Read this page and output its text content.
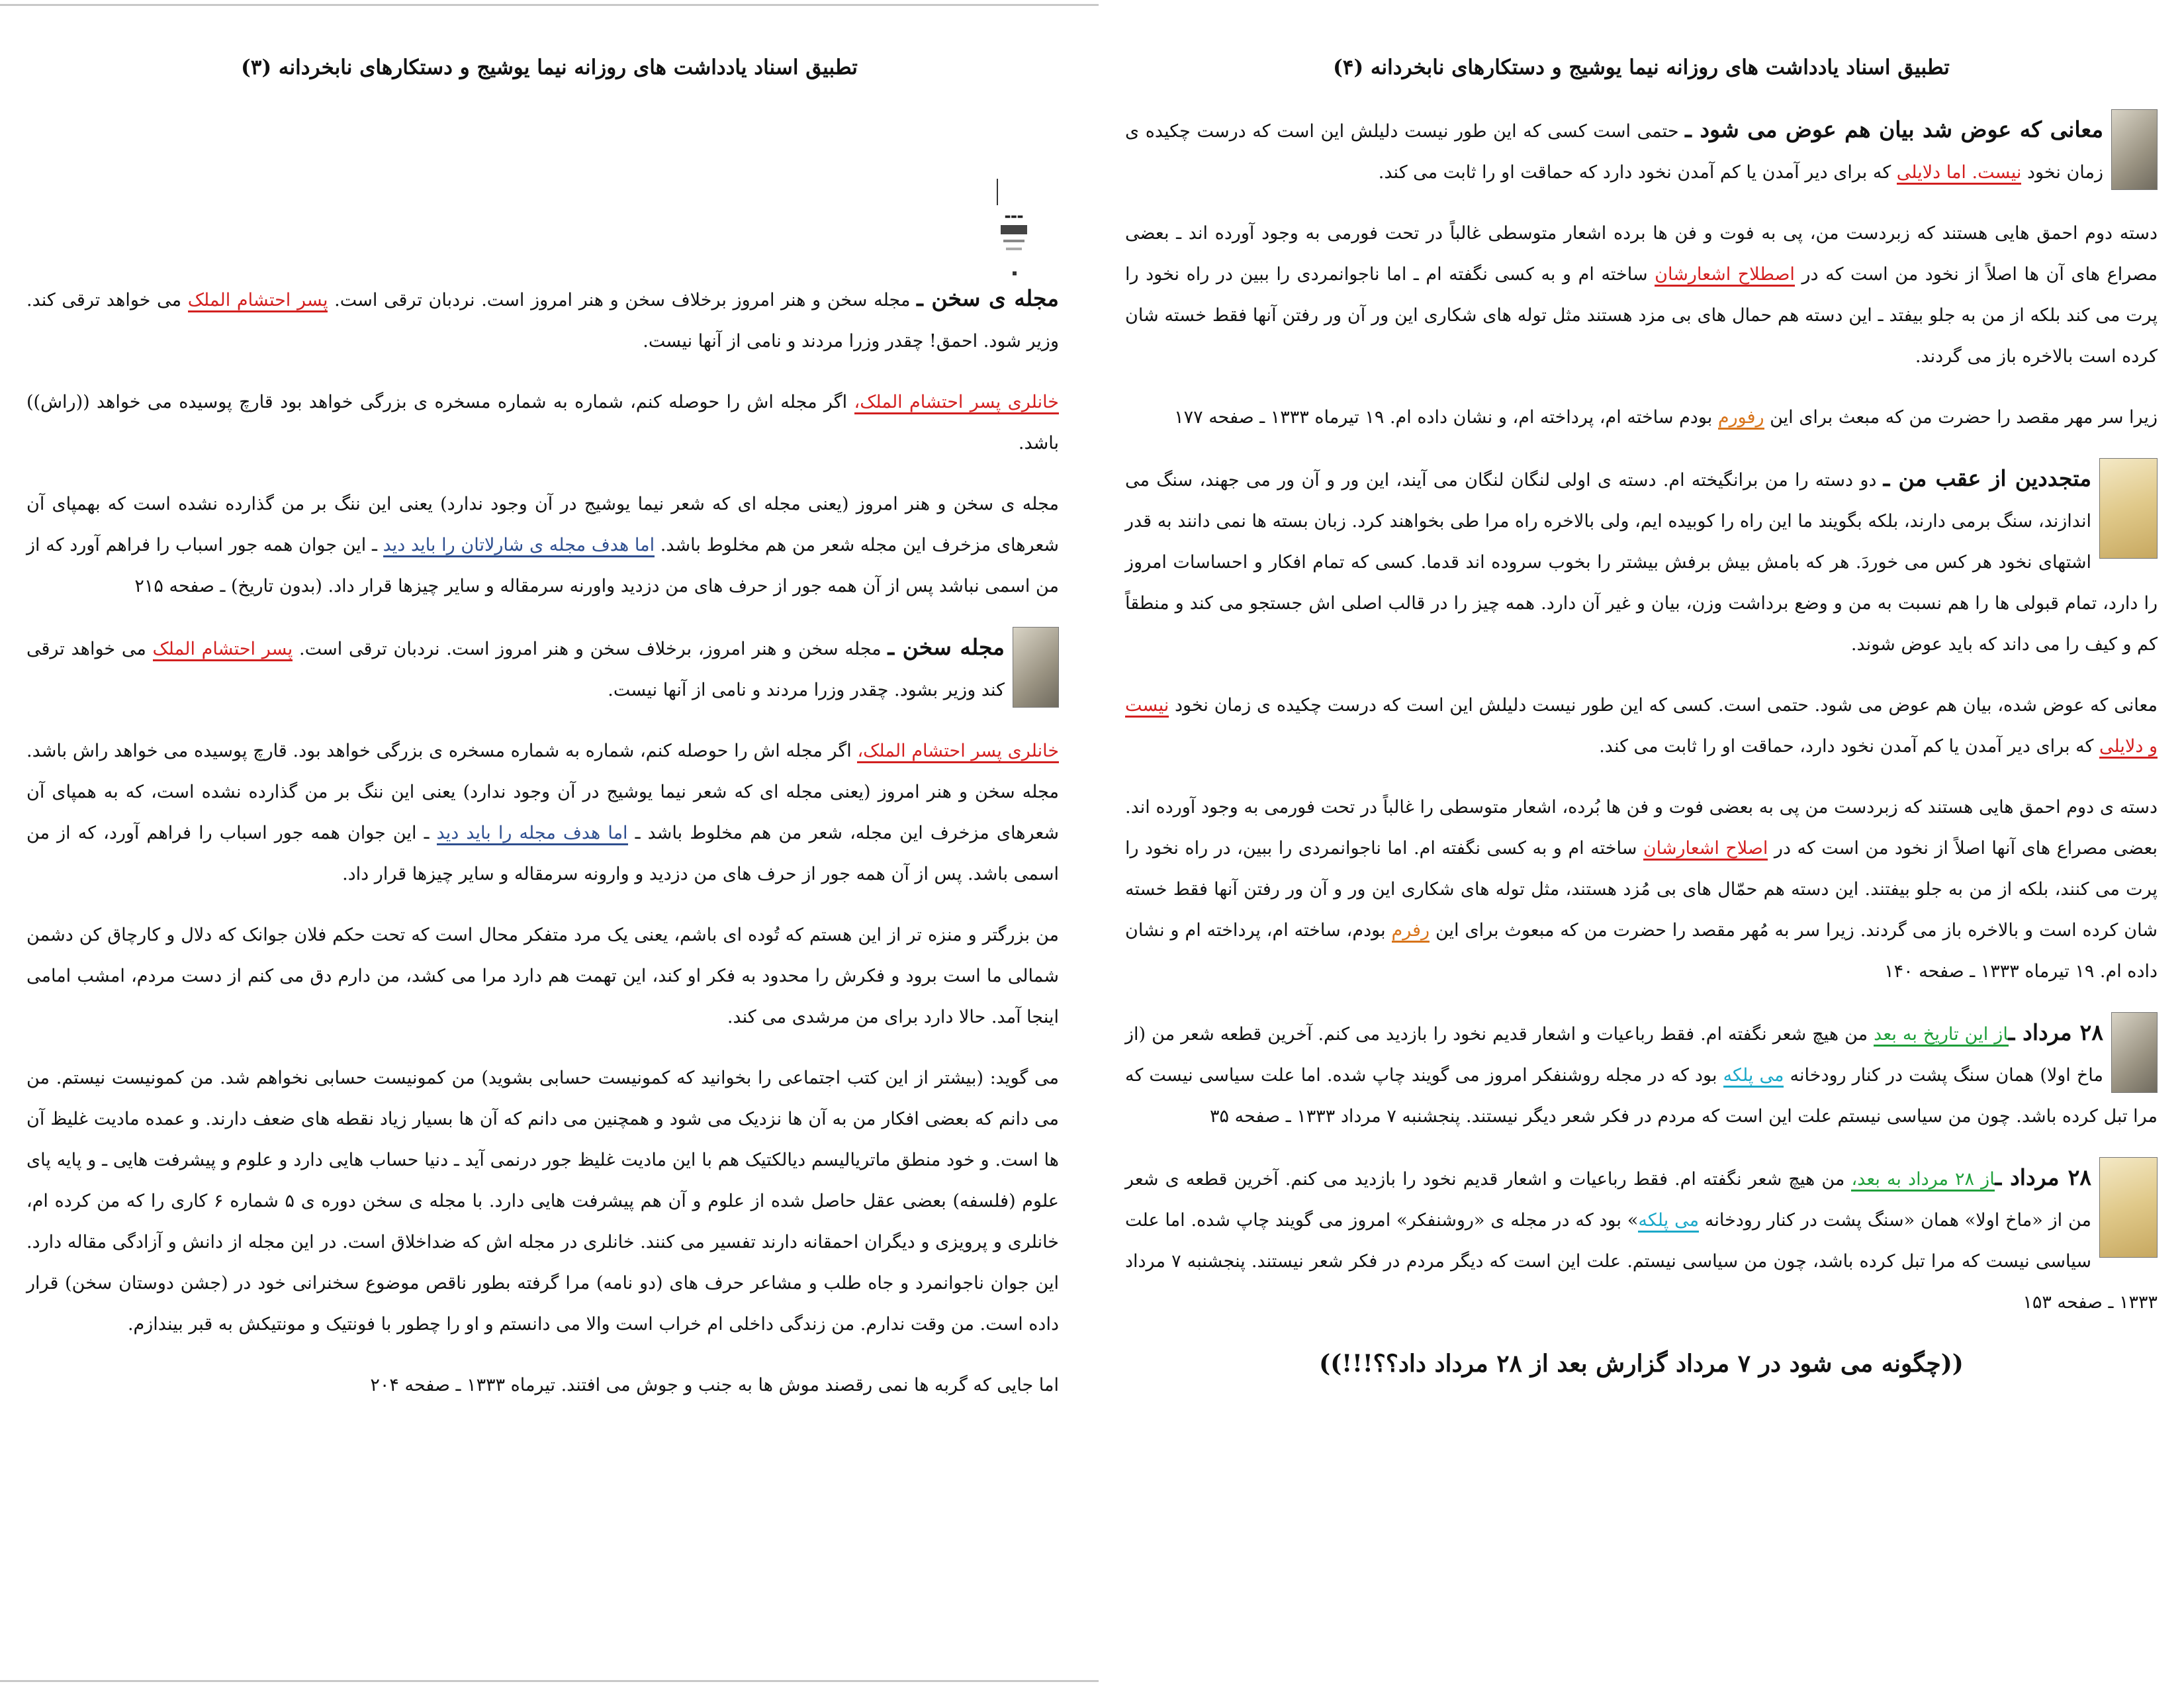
تطبیق اسناد یادداشت های روزانه نیما یوشیج و دستکارهای نابخردانه (۳)
▬▬▬

مجله ی سخن ـ مجله سخن و هنر امروز برخلاف سخن و هنر امروز است. نردبان ترقی است. پسر احتشام الملک می خواهد ترقی کند. وزیر شود. احمق! چقدر وزرا مردند و نامی از آنها نیست.

خانلری پسر احتشام الملک، اگر مجله اش را حوصله کنم، شماره به شماره مسخره ی بزرگی خواهد بود قارچ پوسیده می خواهد ((راش)) باشد.

مجله ی سخن و هنر امروز (یعنی مجله ای که شعر نیما یوشیج در آن وجود ندارد) یعنی این ننگ بر من گذارده نشده است که بهمپای آن شعرهای مزخرف این مجله شعر من هم مخلوط باشد. اما هدف مجله ی شارلاتان را باید دید ـ این جوان همه جور اسباب را فراهم آورد که از من اسمی نباشد پس از آن همه جور از حرف های من دزدید واورنه سرمقاله و سایر چیزها قرار داد. (بدون تاریخ) ـ صفحه ۲۱۵

مجله سخن ـ مجله سخن و هنر امروز، برخلاف سخن و هنر امروز است. نردبان ترقی است. پسر احتشام الملک می خواهد ترقی کند وزیر بشود. چقدر وزرا مردند و نامی از آنها نیست.

خانلری پسر احتشام الملک، اگر مجله اش را حوصله کنم، شماره به شماره مسخره ی بزرگی خواهد بود. قارچ پوسیده می خواهد راش باشد. مجله سخن و هنر امروز (یعنی مجله ای که شعر نیما یوشیج در آن وجود ندارد) یعنی این ننگ بر من گذارده نشده است، که به همپای آن شعرهای مزخرف این مجله، شعر من هم مخلوط باشد ـ اما هدف مجله را باید دید ـ این جوان همه جور اسباب را فراهم آورد، که از من اسمی باشد. پس از آن همه جور از حرف های من دزدید و وارونه سرمقاله و سایر چیزها قرار داد.

من بزرگتر و منزه تر از این هستم که تُوده ای باشم، یعنی یک مرد متفکر محال است که تحت حکم فلان جوانک که دلال و کارچاق کن دشمن شمالی ما است برود و فکرش را محدود به فکر او کند، این تهمت هم دارد مرا می کشد، من دارم دق می کنم از دست مردم، امشب امامی اینجا آمد. حالا دارد برای من مرشدی می کند.

می گوید: (بیشتر از این کتب اجتماعی را بخوانید که کمونیست حسابی بشوید) من کمونیست حسابی نخواهم شد. من کمونیست نیستم. من می دانم که بعضی افکار من به آن ها نزدیک می شود و همچنین می دانم که آن ها بسیار زیاد نقطه های ضعف دارند. و عمده مادیت غلیظ آن ها است. و خود منطق ماتریالیسم دیالکتیک هم با این مادیت غلیظ جور درنمی آید ـ دنیا حساب هایی دارد و علوم و پیشرفت هایی ـ و پایه پای علوم (فلسفه) بعضی عقل حاصل شده از علوم و آن هم پیشرفت هایی دارد. با مجله ی سخن دوره ی ۵ شماره ۶ کاری را که من کرده ام، خانلری و پرویزی و دیگران احمقانه دارند تفسیر می کنند. خانلری در مجله اش که ضداخلاق است. در این مجله از دانش و آزادگی مقاله دارد. این جوان ناجوانمرد و جاه طلب و مشاعر حرف های (دو نامه) مرا گرفته بطور ناقص موضوع سخنرانی خود در (جشن دوستان سخن) قرار داده است. من وقت ندارم. من زندگی داخلی ام خراب است والا می دانستم و او را چطور با فونتیک و مونتیکش به قبر بیندازم.

اما جایی که گربه ها نمی رقصند موش ها به جنب و جوش می افتند. تیرماه ۱۳۳۳ ـ صفحه ۲۰۴

تطبیق اسناد یادداشت های روزانه نیما یوشیج و دستکارهای نابخردانه (۴)

معانی که عوض شد بیان هم عوض می شود ـ حتمی است کسی که این طور نیست دلیلش این است که درست چکیده ی زمان نخود نیست. اما دلایلی که برای دیر آمدن یا کم آمدن نخود دارد که حماقت او را ثابت می کند.

دسته دوم احمق هایی هستند که زبردست من، پی به فوت و فن ها برده اشعار متوسطی غالباً در تحت فورمی به وجود آورده اند ـ بعضی مصراع های آن ها اصلاً از نخود من است که در اصطلاح اشعارشان ساخته ام و به کسی نگفته ام ـ اما ناجوانمردی را ببین در راه نخود را پرت می کند بلکه از من به جلو بیفتد ـ این دسته هم حمال های بی مزد هستند مثل توله های شکاری این ور آن ور رفتن آنها فقط خسته شان کرده است بالاخره باز می گردند.

زیرا سر مهر مقصد را حضرت من که مبعث برای این رفورم بودم ساخته ام، پرداخته ام، و نشان داده ام. ۱۹ تیرماه ۱۳۳۳ ـ صفحه ۱۷۷

متجددین از عقب من ـ دو دسته را من برانگیخته ام. دسته ی اولی لنگان لنگان می آیند، این ور و آن ور می جهند، سنگ می اندازند، سنگ برمی دارند، بلکه بگویند ما این راه را کوبیده ایم، ولی بالاخره راه مرا طی بخواهند کرد. زبان بسته ها نمی دانند به قدر اشتهای نخود هر کس می خوردَ. هر که بامش بیش برفش بیشتر را بخوب سروده اند قدما. کسی که تمام افکار و احساسات امروز را دارد، تمام قبولی ها را هم نسبت به من و وضع برداشت وزن، بیان و غیر آن دارد. همه چیز را در قالب اصلی اش جستجو می کند و منطقاً کم و کیف را می داند که باید عوض شوند.

معانی که عوض شده، بیان هم عوض می شود. حتمی است. کسی که این طور نیست دلیلش این است که درست چکیده ی زمان نخود نیست و دلایلی که برای دیر آمدن یا کم آمدن نخود دارد، حماقت او را ثابت می کند.

دسته ی دوم احمق هایی هستند که زبردست من پی به بعضی فوت و فن ها بُرده، اشعار متوسطی را غالباً در تحت فورمی به وجود آورده اند. بعضی مصراع های آنها اصلاً از نخود من است که در اصلاح اشعارشان ساخته ام و به کسی نگفته ام. اما ناجوانمردی را ببین، در راه نخود را پرت می کنند، بلکه از من به جلو بیفتند. این دسته هم حمّال های بی مُزد هستند، مثل توله های شکاری این ور و آن ور رفتن آنها فقط خسته شان کرده است و بالاخره باز می گردند. زیرا سر به مُهر مقصد را حضرت من که مبعوث برای این رفرم بودم، ساخته ام، پرداخته ام و نشان داده ام. ۱۹ تیرماه ۱۳۳۳ ـ صفحه ۱۴۰

۲۸ مرداد ـاز این تاریخ به بعد من هیچ شعر نگفته ام. فقط رباعیات و اشعار قدیم نخود را بازدید می کنم. آخرین قطعه شعر من (از ماخ اولا) همان سنگ پشت در کنار رودخانه می پلکه بود که در مجله روشنفکر امروز می گویند چاپ شده. اما علت سیاسی نیست که مرا تبل کرده باشد. چون من سیاسی نیستم علت این است که مردم در فکر شعر دیگر نیستند. پنجشنبه ۷ مرداد ۱۳۳۳ ـ صفحه ۳۵

۲۸ مرداد ـاز ۲۸ مرداد به بعد، من هیچ شعر نگفته ام. فقط رباعیات و اشعار قدیم نخود را بازدید می کنم. آخرین قطعه ی شعر من از «ماخ اولا» همان «سنگ پشت در کنار رودخانه می پلکه» بود که در مجله ی «روشنفکر» امروز می گویند چاپ شده. اما علت سیاسی نیست که مرا تبل کرده باشد، چون من سیاسی نیستم. علت این است که دیگر مردم در فکر شعر نیستند. پنجشنبه ۷ مرداد ۱۳۳۳ ـ صفحه ۱۵۳

((چگونه می شود در ۷ مرداد گزارش بعد از ۲۸ مرداد داد؟؟!!!))
